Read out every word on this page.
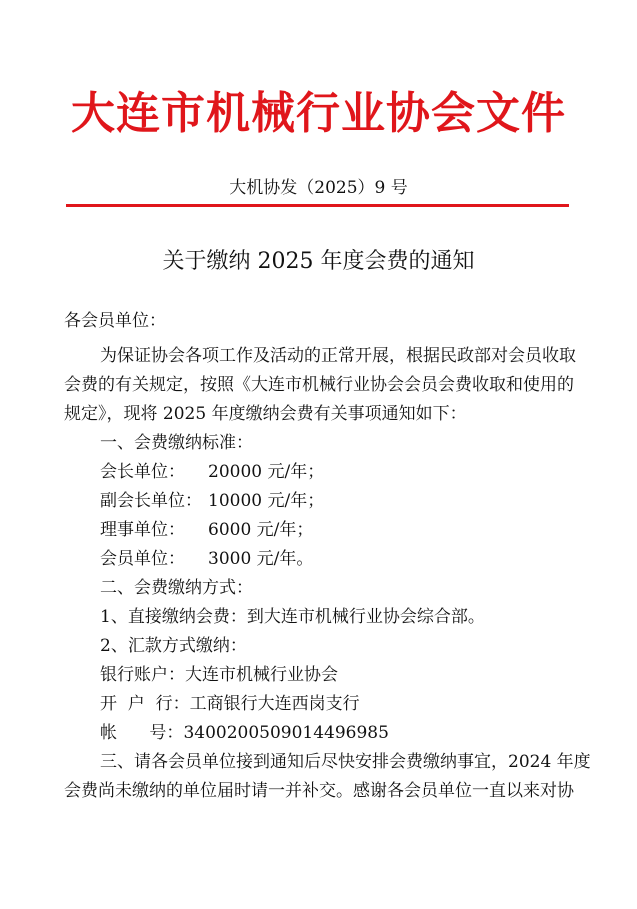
大连市机械行业协会文件
大机协发（2025）9 号
关于缴纳 2025 年度会费的通知
各会员单位：
为保证协会各项工作及活动的正常开展，根据民政部对会员收取
会费的有关规定，按照《大连市机械行业协会会员会费收取和使用的
规定》，现将 2025 年度缴纳会费有关事项通知如下：
一、会费缴纳标准：
会长单位： 20000 元/年；
副会长单位： 10000 元/年；
理事单位： 6000 元/年；
会员单位： 3000 元/年。
二、会费缴纳方式：
1、直接缴纳会费：到大连市机械行业协会综合部。
2、汇款方式缴纳：
银行账户：大连市机械行业协会
开  户  行：工商银行大连西岗支行
帐      号：3400200509014496985
三、请各会员单位接到通知后尽快安排会费缴纳事宜，2024 年度
会费尚未缴纳的单位届时请一并补交。感谢各会员单位一直以来对协
